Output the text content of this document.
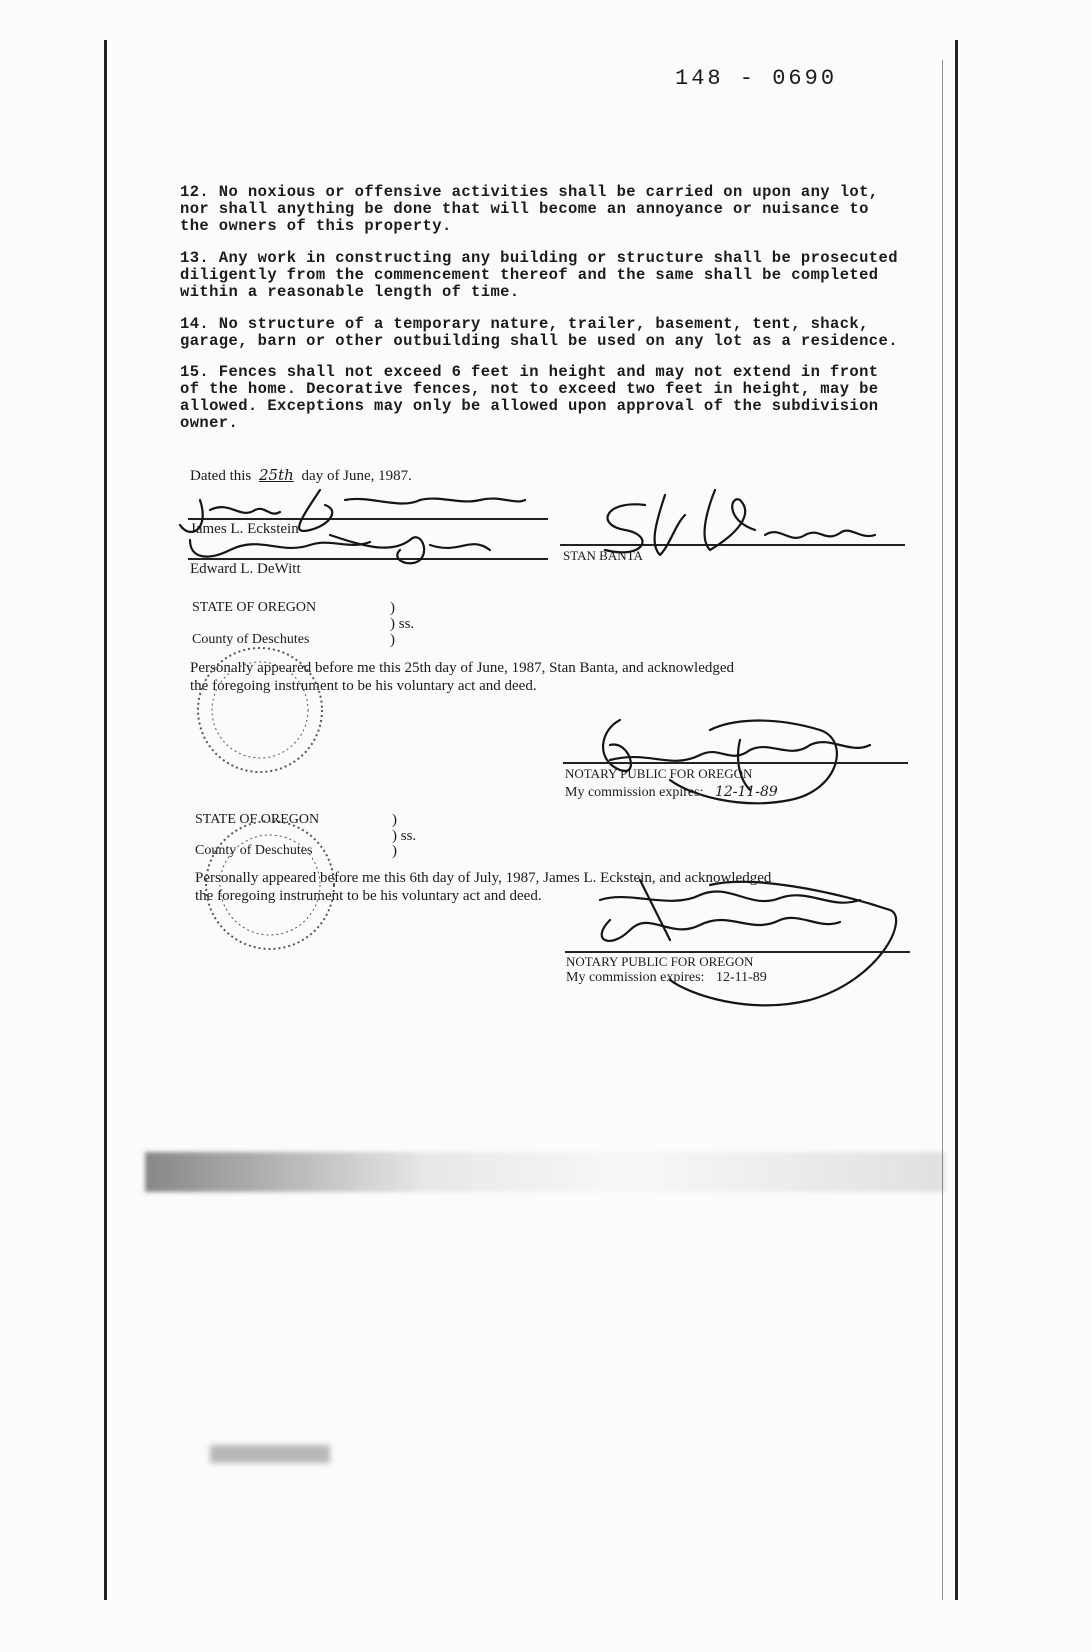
148 - 0690
12. No noxious or offensive activities shall be carried on upon any lot,
nor shall anything be done that will become an annoyance or nuisance to
the owners of this property.
13. Any work in constructing any building or structure shall be prosecuted
diligently from the commencement thereof and the same shall be completed
within a reasonable length of time.
14. No structure of a temporary nature, trailer, basement, tent, shack,
garage, barn or other outbuilding shall be used on any lot as a residence.
15. Fences shall not exceed 6 feet in height and may not extend in front
of the home. Decorative fences, not to exceed two feet in height, may be
allowed. Exceptions may only be allowed upon approval of the subdivision
owner.
Dated this 25th day of June, 1987.
James L. Eckstein
Edward L. DeWitt
STAN BANTA
STATE OF OREGON
County of Deschutes
)
) ss.
)
Personally appeared before me this 25th day of June, 1987, Stan Banta, and acknowledged
the foregoing instrument to be his voluntary act and deed.
NOTARY PUBLIC FOR OREGON
My commission expires: 12-11-89
STATE OF OREGON
County of Deschutes
)
) ss.
)
Personally appeared before me this 6th day of July, 1987, James L. Eckstein, and acknowledged
the foregoing instrument to be his voluntary act and deed.
NOTARY PUBLIC FOR OREGON
My commission expires: 12-11-89
